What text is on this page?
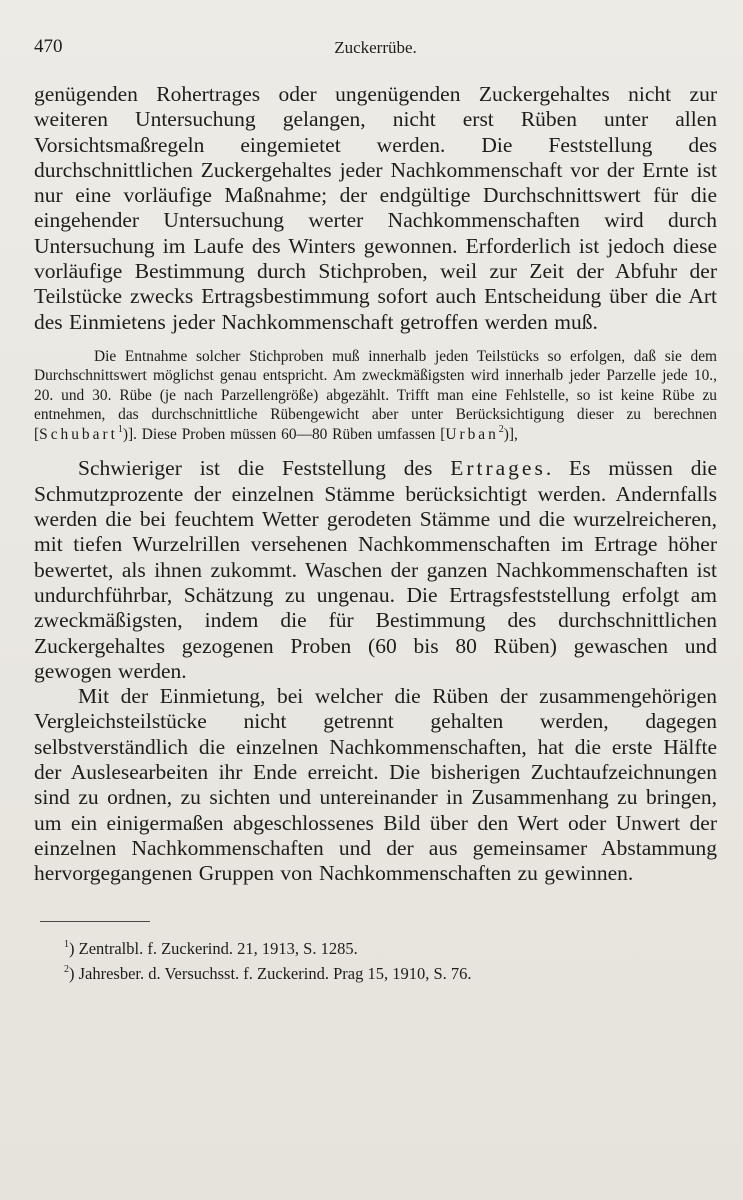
470	Zuckerrübe.

genügenden Rohertrages oder ungenügenden Zuckergehaltes nicht zur weiteren Untersuchung gelangen, nicht erst Rüben unter allen Vorsichtsmaßregeln eingemietet werden. Die Feststellung des durchschnittlichen Zuckergehaltes jeder Nachkommenschaft vor der Ernte ist nur eine vorläufige Maßnahme; der endgültige Durchschnittswert für die eingehender Untersuchung werter Nachkommenschaften wird durch Untersuchung im Laufe des Winters gewonnen. Erforderlich ist jedoch diese vorläufige Bestimmung durch Stichproben, weil zur Zeit der Abfuhr der Teilstücke zwecks Ertragsbestimmung sofort auch Entscheidung über die Art des Einmietens jeder Nachkommenschaft getroffen werden muß.

Die Entnahme solcher Stichproben muß innerhalb jeden Teilstücks so erfolgen, daß sie dem Durchschnittswert möglichst genau entspricht. Am zweckmäßigsten wird innerhalb jeder Parzelle jede 10., 20. und 30. Rübe (je nach Parzellengröße) abgezählt. Trifft man eine Fehlstelle, so ist keine Rübe zu entnehmen, das durchschnittliche Rübengewicht aber unter Berücksichtigung dieser zu berechnen [Schubart$^1$)]. Diese Proben müssen 60—80 Rüben umfassen [Urban$^2$)],

Schwieriger ist die Feststellung des Ertrages. Es müssen die Schmutzprozente der einzelnen Stämme berücksichtigt werden. Andernfalls werden die bei feuchtem Wetter gerodeten Stämme und die wurzelreicheren, mit tiefen Wurzelrillen versehenen Nachkommenschaften im Ertrage höher bewertet, als ihnen zukommt. Waschen der ganzen Nachkommenschaften ist undurchführbar, Schätzung zu ungenau. Die Ertragsfeststellung erfolgt am zweckmäßigsten, indem die für Bestimmung des durchschnittlichen Zuckergehaltes gezogenen Proben (60 bis 80 Rüben) gewaschen und gewogen werden.

Mit der Einmietung, bei welcher die Rüben der zusammengehörigen Vergleichsteilstücke nicht getrennt gehalten werden, dagegen selbstverständlich die einzelnen Nachkommenschaften, hat die erste Hälfte der Auslesearbeiten ihr Ende erreicht. Die bisherigen Zuchtaufzeichnungen sind zu ordnen, zu sichten und untereinander in Zusammenhang zu bringen, um ein einigermaßen abgeschlossenes Bild über den Wert oder Unwert der einzelnen Nachkommenschaften und der aus gemeinsamer Abstammung hervorgegangenen Gruppen von Nachkommenschaften zu gewinnen.

$^1$) Zentralbl. f. Zuckerind. 21, 1913, S. 1285.

$^2$) Jahresber. d. Versuchsst. f. Zuckerind. Prag 15, 1910, S. 76.
